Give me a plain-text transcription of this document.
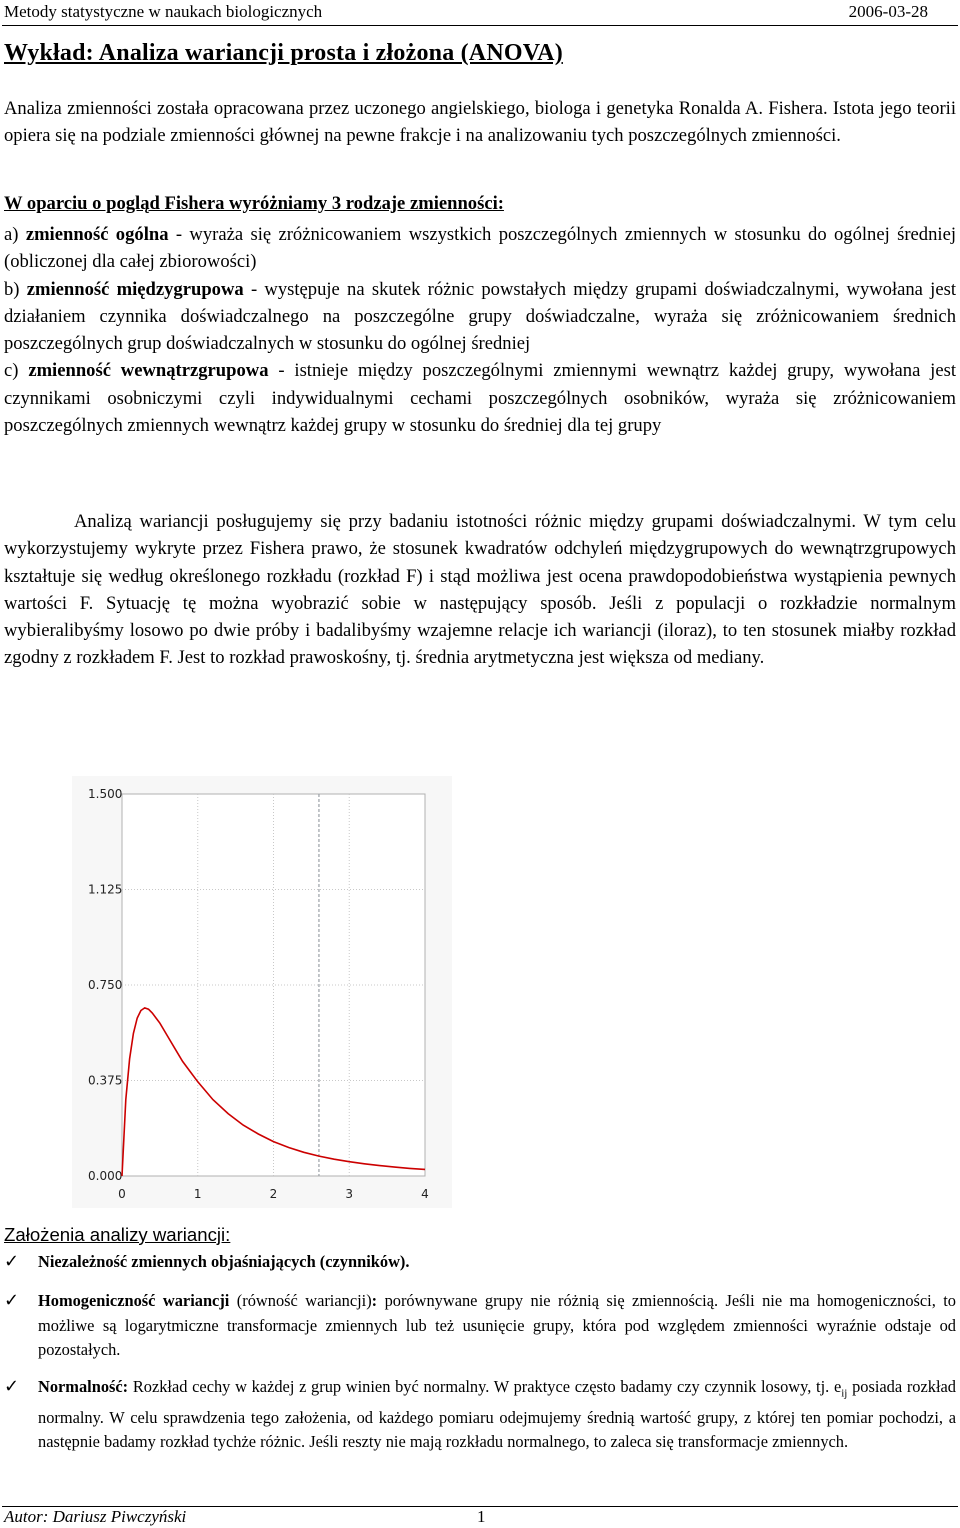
Metody statystyczne w naukach biologicznych	2006-03-28
Wykład: Analiza wariancji prosta i złożona (ANOVA)
Analiza zmienności została opracowana przez uczonego angielskiego, biologa i genetyka Ronalda A. Fishera. Istota jego teorii opiera się na podziale zmienności głównej na pewne frakcje i na analizowaniu tych poszczególnych zmienności.

W oparciu o pogląd Fishera wyróżniamy 3 rodzaje zmienności:

a) zmienność ogólna - wyraża się zróżnicowaniem wszystkich poszczególnych zmiennych w stosunku do ogólnej średniej (obliczonej dla całej zbiorowości)

b) zmienność międzygrupowa - występuje na skutek różnic powstałych między grupami doświadczalnymi, wywołana jest działaniem czynnika doświadczalnego na poszczególne grupy doświadczalne, wyraża się zróżnicowaniem średnich poszczególnych grup doświadczalnych w stosunku do ogólnej średniej

c) zmienność wewnątrzgrupowa - istnieje między poszczególnymi zmiennymi wewnątrz każdej grupy, wywołana jest czynnikami osobniczymi czyli indywidualnymi cechami poszczególnych osobników, wyraża się zróżnicowaniem poszczególnych zmiennych wewnątrz każdej grupy w stosunku do średniej dla tej grupy

Analizą wariancji posługujemy się przy badaniu istotności różnic między grupami doświadczalnymi. W tym celu wykorzystujemy wykryte przez Fishera prawo, że stosunek kwadratów odchyleń międzygrupowych do wewnątrzgrupowych kształtuje się według określonego rozkładu (rozkład F) i stąd możliwa jest ocena prawdopodobieństwa wystąpienia pewnych wartości F. Sytuację tę można wyobrazić sobie w następujący sposób. Jeśli z populacji o rozkładzie normalnym wybieralibyśmy losowo po dwie próby i badalibyśmy wzajemne relacje ich wariancji (iloraz), to ten stosunek miałby rozkład zgodny z rozkładem F. Jest to rozkład prawoskośny, tj. średnia arytmetyczna jest większa od mediany.

0.000
0.375
0.750
1.125
1.500
0	1	2	3	4

Założenia analizy wariancji:

✓ Niezależność zmiennych objaśniających (czynników).
✓ Homogeniczność wariancji (równość wariancji): porównywane grupy nie różnią się zmiennością. Jeśli nie ma homogeniczności, to możliwe są logarytmiczne transformacje zmiennych lub też usunięcie grupy, która pod względem zmienności wyraźnie odstaje od pozostałych.
✓ Normalność: Rozkład cechy w każdej z grup winien być normalny. W praktyce często badamy czy czynnik losowy, tj. $e_{ij}$ posiada rozkład normalny. W celu sprawdzenia tego założenia, od każdego pomiaru odejmujemy średnią wartość grupy, z której ten pomiar pochodzi, a następnie badamy rozkład tychże różnic. Jeśli reszty nie mają rozkładu normalnego, to zaleca się transformacje zmiennych.
Autor: Dariusz Piwczyński	1
